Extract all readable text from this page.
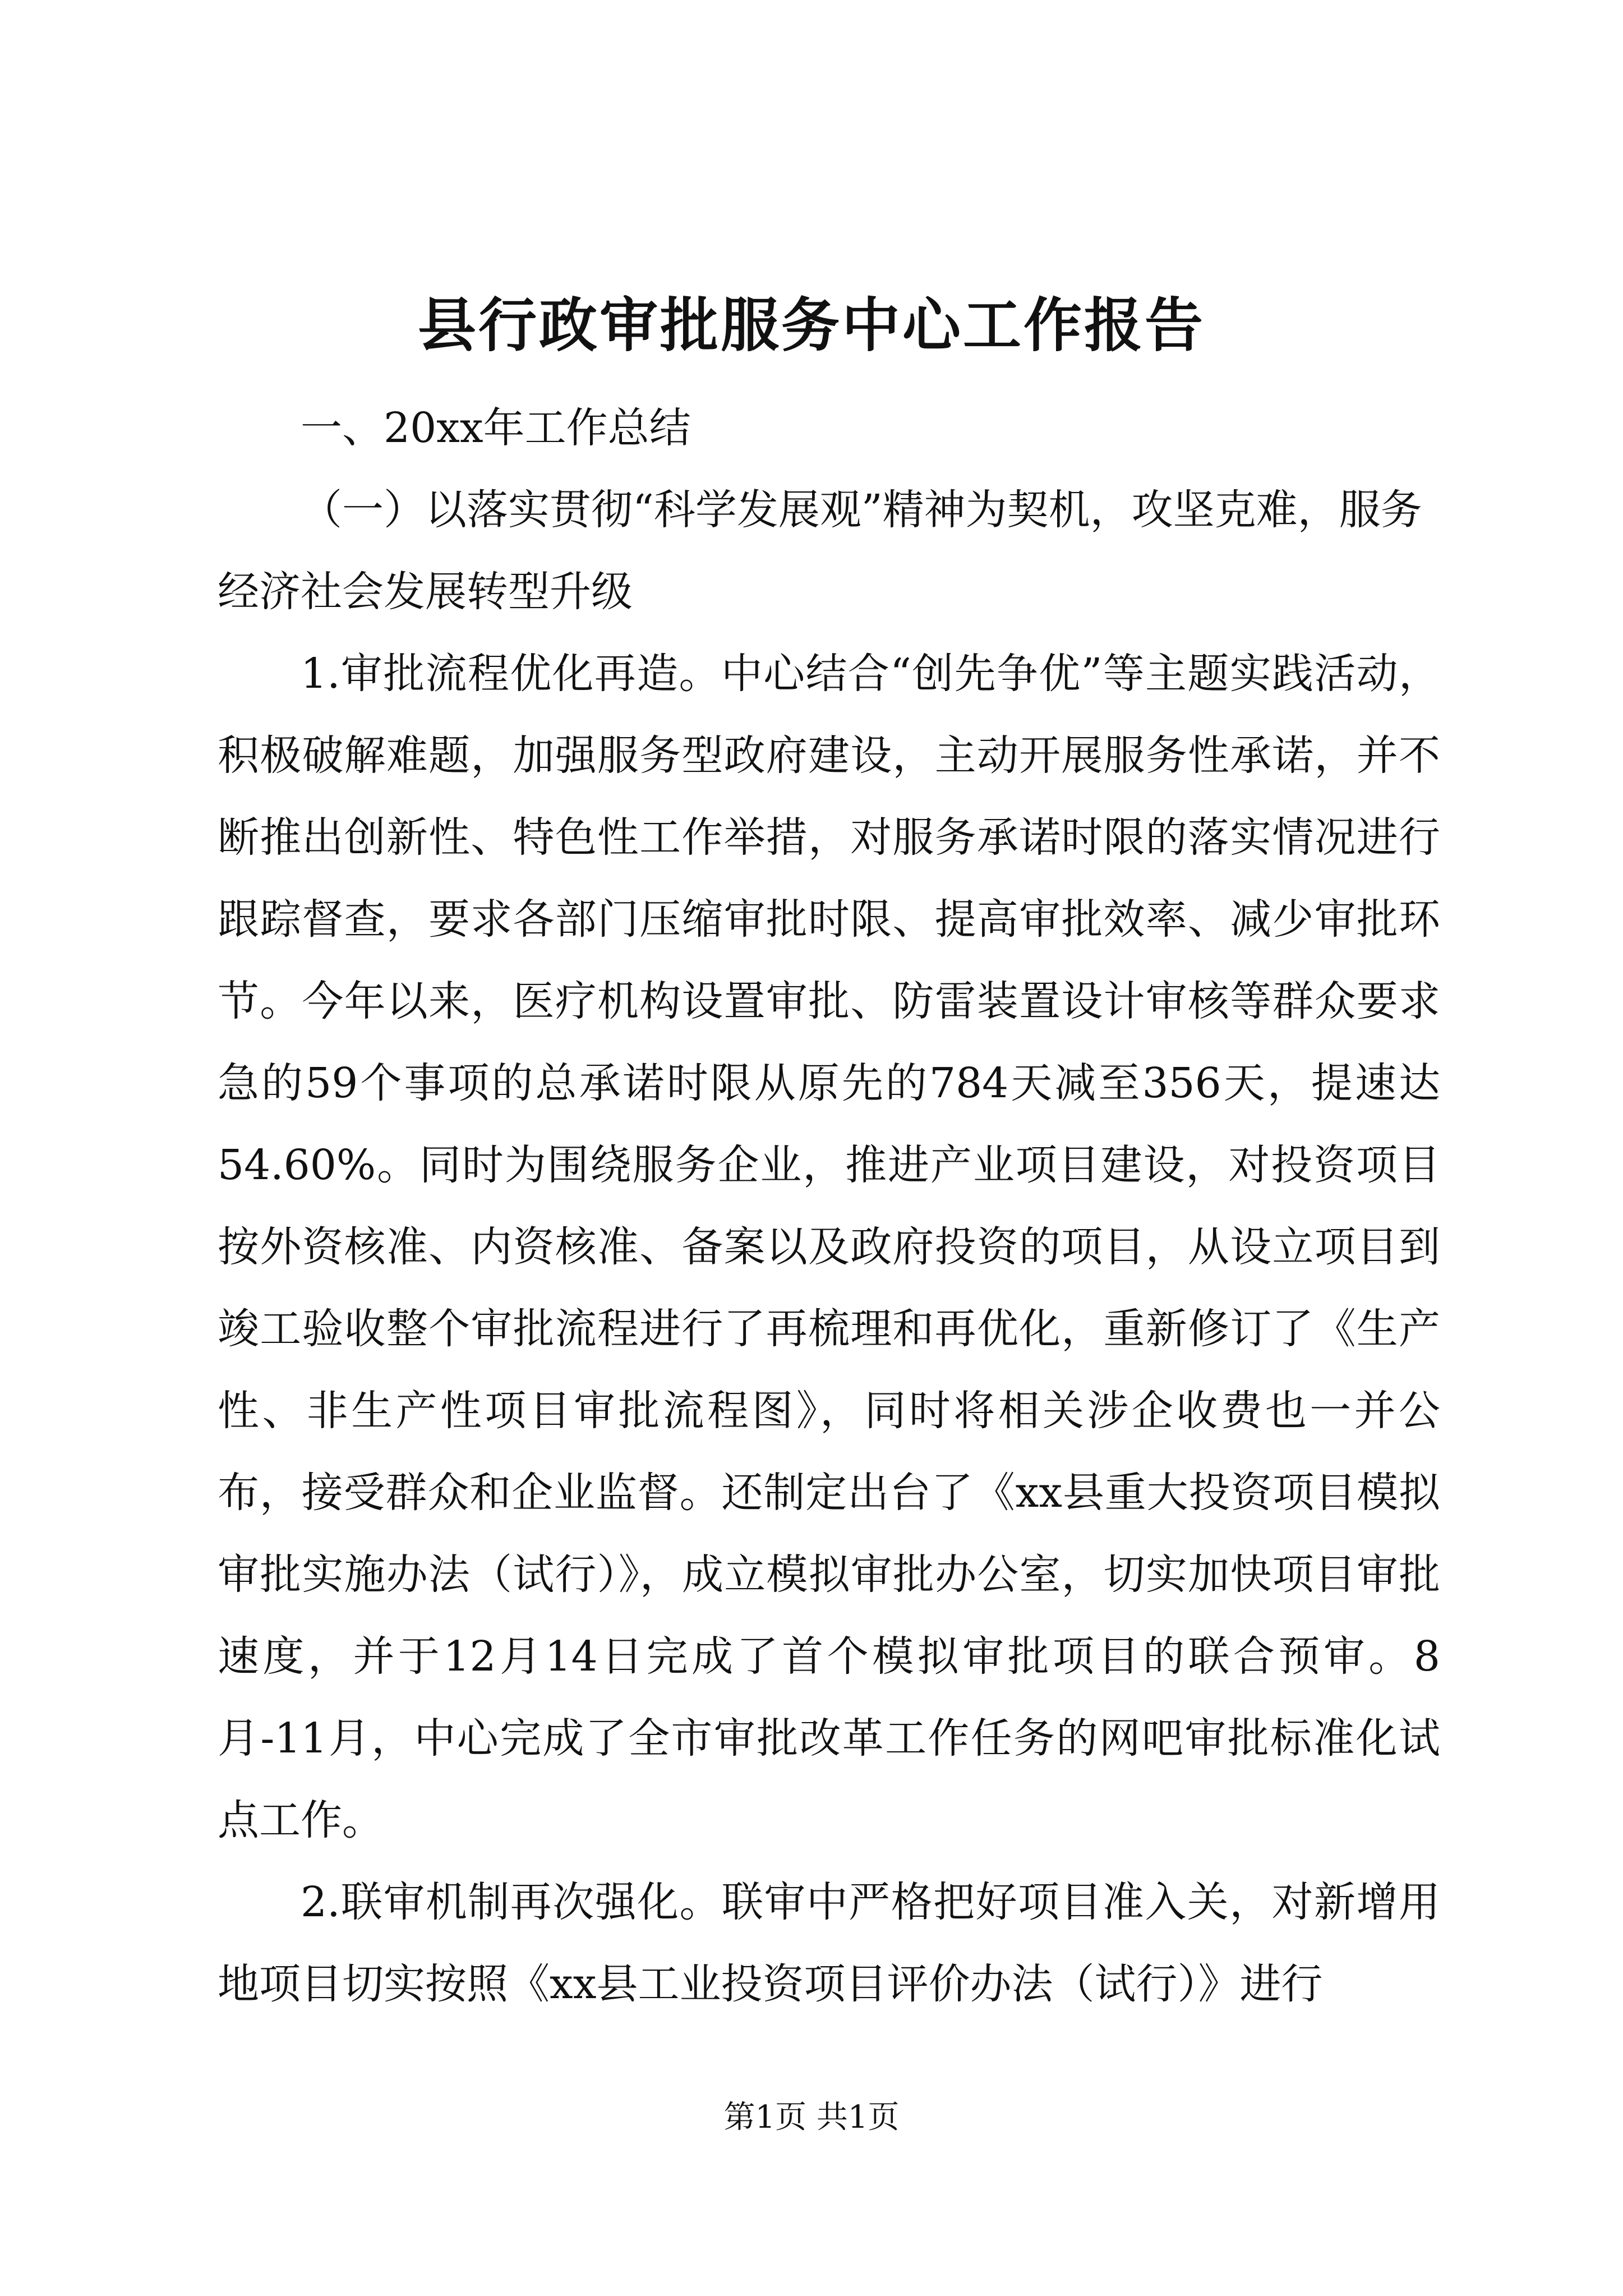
县行政审批服务中心工作报告

一、20xx年工作总结

（一）以落实贯彻“科学发展观”精神为契机，攻坚克难，服务经济社会发展转型升级

1.审批流程优化再造。中心结合“创先争优”等主题实践活动，积极破解难题，加强服务型政府建设，主动开展服务性承诺，并不断推出创新性、特色性工作举措，对服务承诺时限的落实情况进行跟踪督查，要求各部门压缩审批时限、提高审批效率、减少审批环节。今年以来，医疗机构设置审批、防雷装置设计审核等群众要求急的59个事项的总承诺时限从原先的784天减至356天，提速达54.60%。同时为围绕服务企业，推进产业项目建设，对投资项目按外资核准、内资核准、备案以及政府投资的项目，从设立项目到竣工验收整个审批流程进行了再梳理和再优化，重新修订了《生产性、非生产性项目审批流程图》，同时将相关涉企收费也一并公布，接受群众和企业监督。还制定出台了《xx县重大投资项目模拟审批实施办法（试行）》，成立模拟审批办公室，切实加快项目审批速度，并于12月14日完成了首个模拟审批项目的联合预审。8月-11月，中心完成了全市审批改革工作任务的网吧审批标准化试点工作。

2.联审机制再次强化。联审中严格把好项目准入关，对新增用地项目切实按照《xx县工业投资项目评价办法（试行）》进行

第1页 共1页
